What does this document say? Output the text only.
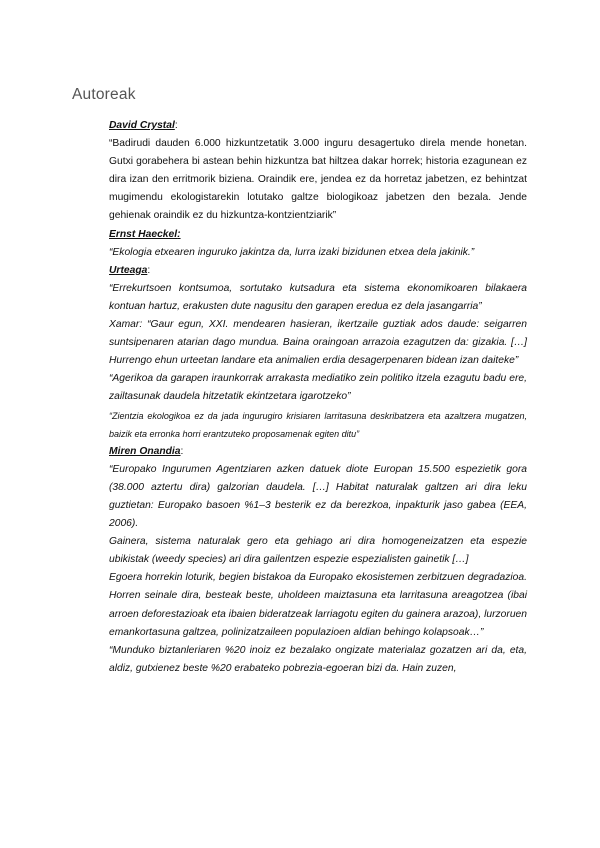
Autoreak

David Crystal:

“Badirudi dauden 6.000 hizkuntzetatik 3.000 inguru desagertuko direla mende honetan. Gutxi gorabehera bi astean behin hizkuntza bat hiltzea dakar horrek; historia ezagunean ez dira izan den erritmorik biziena. Oraindik ere, jendea ez da horretaz jabetzen, ez behintzat mugimendu ekologistarekin lotutako galtze biologikoaz jabetzen den bezala. Jende gehienak oraindik ez du hizkuntza-kontzientziarik”

Ernst Haeckel:

“Ekologia etxearen inguruko jakintza da, lurra izaki bizidunen etxea dela jakinik.”

Urteaga:

“Errekurtsoen kontsumoa, sortutako kutsadura eta sistema ekonomikoaren bilakaera kontuan hartuz, erakusten dute nagusitu den garapen eredua ez dela jasangarria”

Xamar: “Gaur egun, XXI. mendearen hasieran, ikertzaile guztiak ados daude: seigarren suntsipenaren atarian dago mundua. Baina oraingoan arrazoia ezagutzen da: gizakia. […] Hurrengo ehun urteetan landare eta animalien erdia desagerpenaren bidean izan daiteke”

“Agerikoa da garapen iraunkorrak arrakasta mediatiko zein politiko itzela ezagutu badu ere, zailtasunak daudela hitzetatik ekintzetara igarotzeko”

“Zientzia ekologikoa ez da jada ingurugiro krisiaren larritasuna deskribatzera eta azaltzera mugatzen, baizik eta erronka horri erantzuteko proposamenak egiten ditu”

Miren Onandia:

“Europako Ingurumen Agentziaren azken datuek diote Europan 15.500 espezietik gora (38.000 aztertu dira) galzorian daudela. […] Habitat naturalak galtzen ari dira leku guztietan: Europako basoen %1–3 besterik ez da berezkoa, inpakturik jaso gabea (EEA, 2006).

Gainera, sistema naturalak gero eta gehiago ari dira homogeneizatzen eta espezie ubikistak (weedy species) ari dira gailentzen espezie espezialisten gainetik […]

Egoera horrekin loturik, begien bistakoa da Europako ekosistemen zerbitzuen degradazioa. Horren seinale dira, besteak beste, uholdeen maiztasuna eta larritasuna areagotzea (ibai arroen deforestazioak eta ibaien bideratzeak larriagotu egiten du gainera arazoa), lurzoruen emankortasuna galtzea, polinizatzaileen populazioen aldian behingo kolapsoak…”

“Munduko biztanleriaren %20 inoiz ez bezalako ongizate materialaz gozatzen ari da, eta, aldiz, gutxienez beste %20 erabateko pobrezia-egoeran bizi da. Hain zuzen,
